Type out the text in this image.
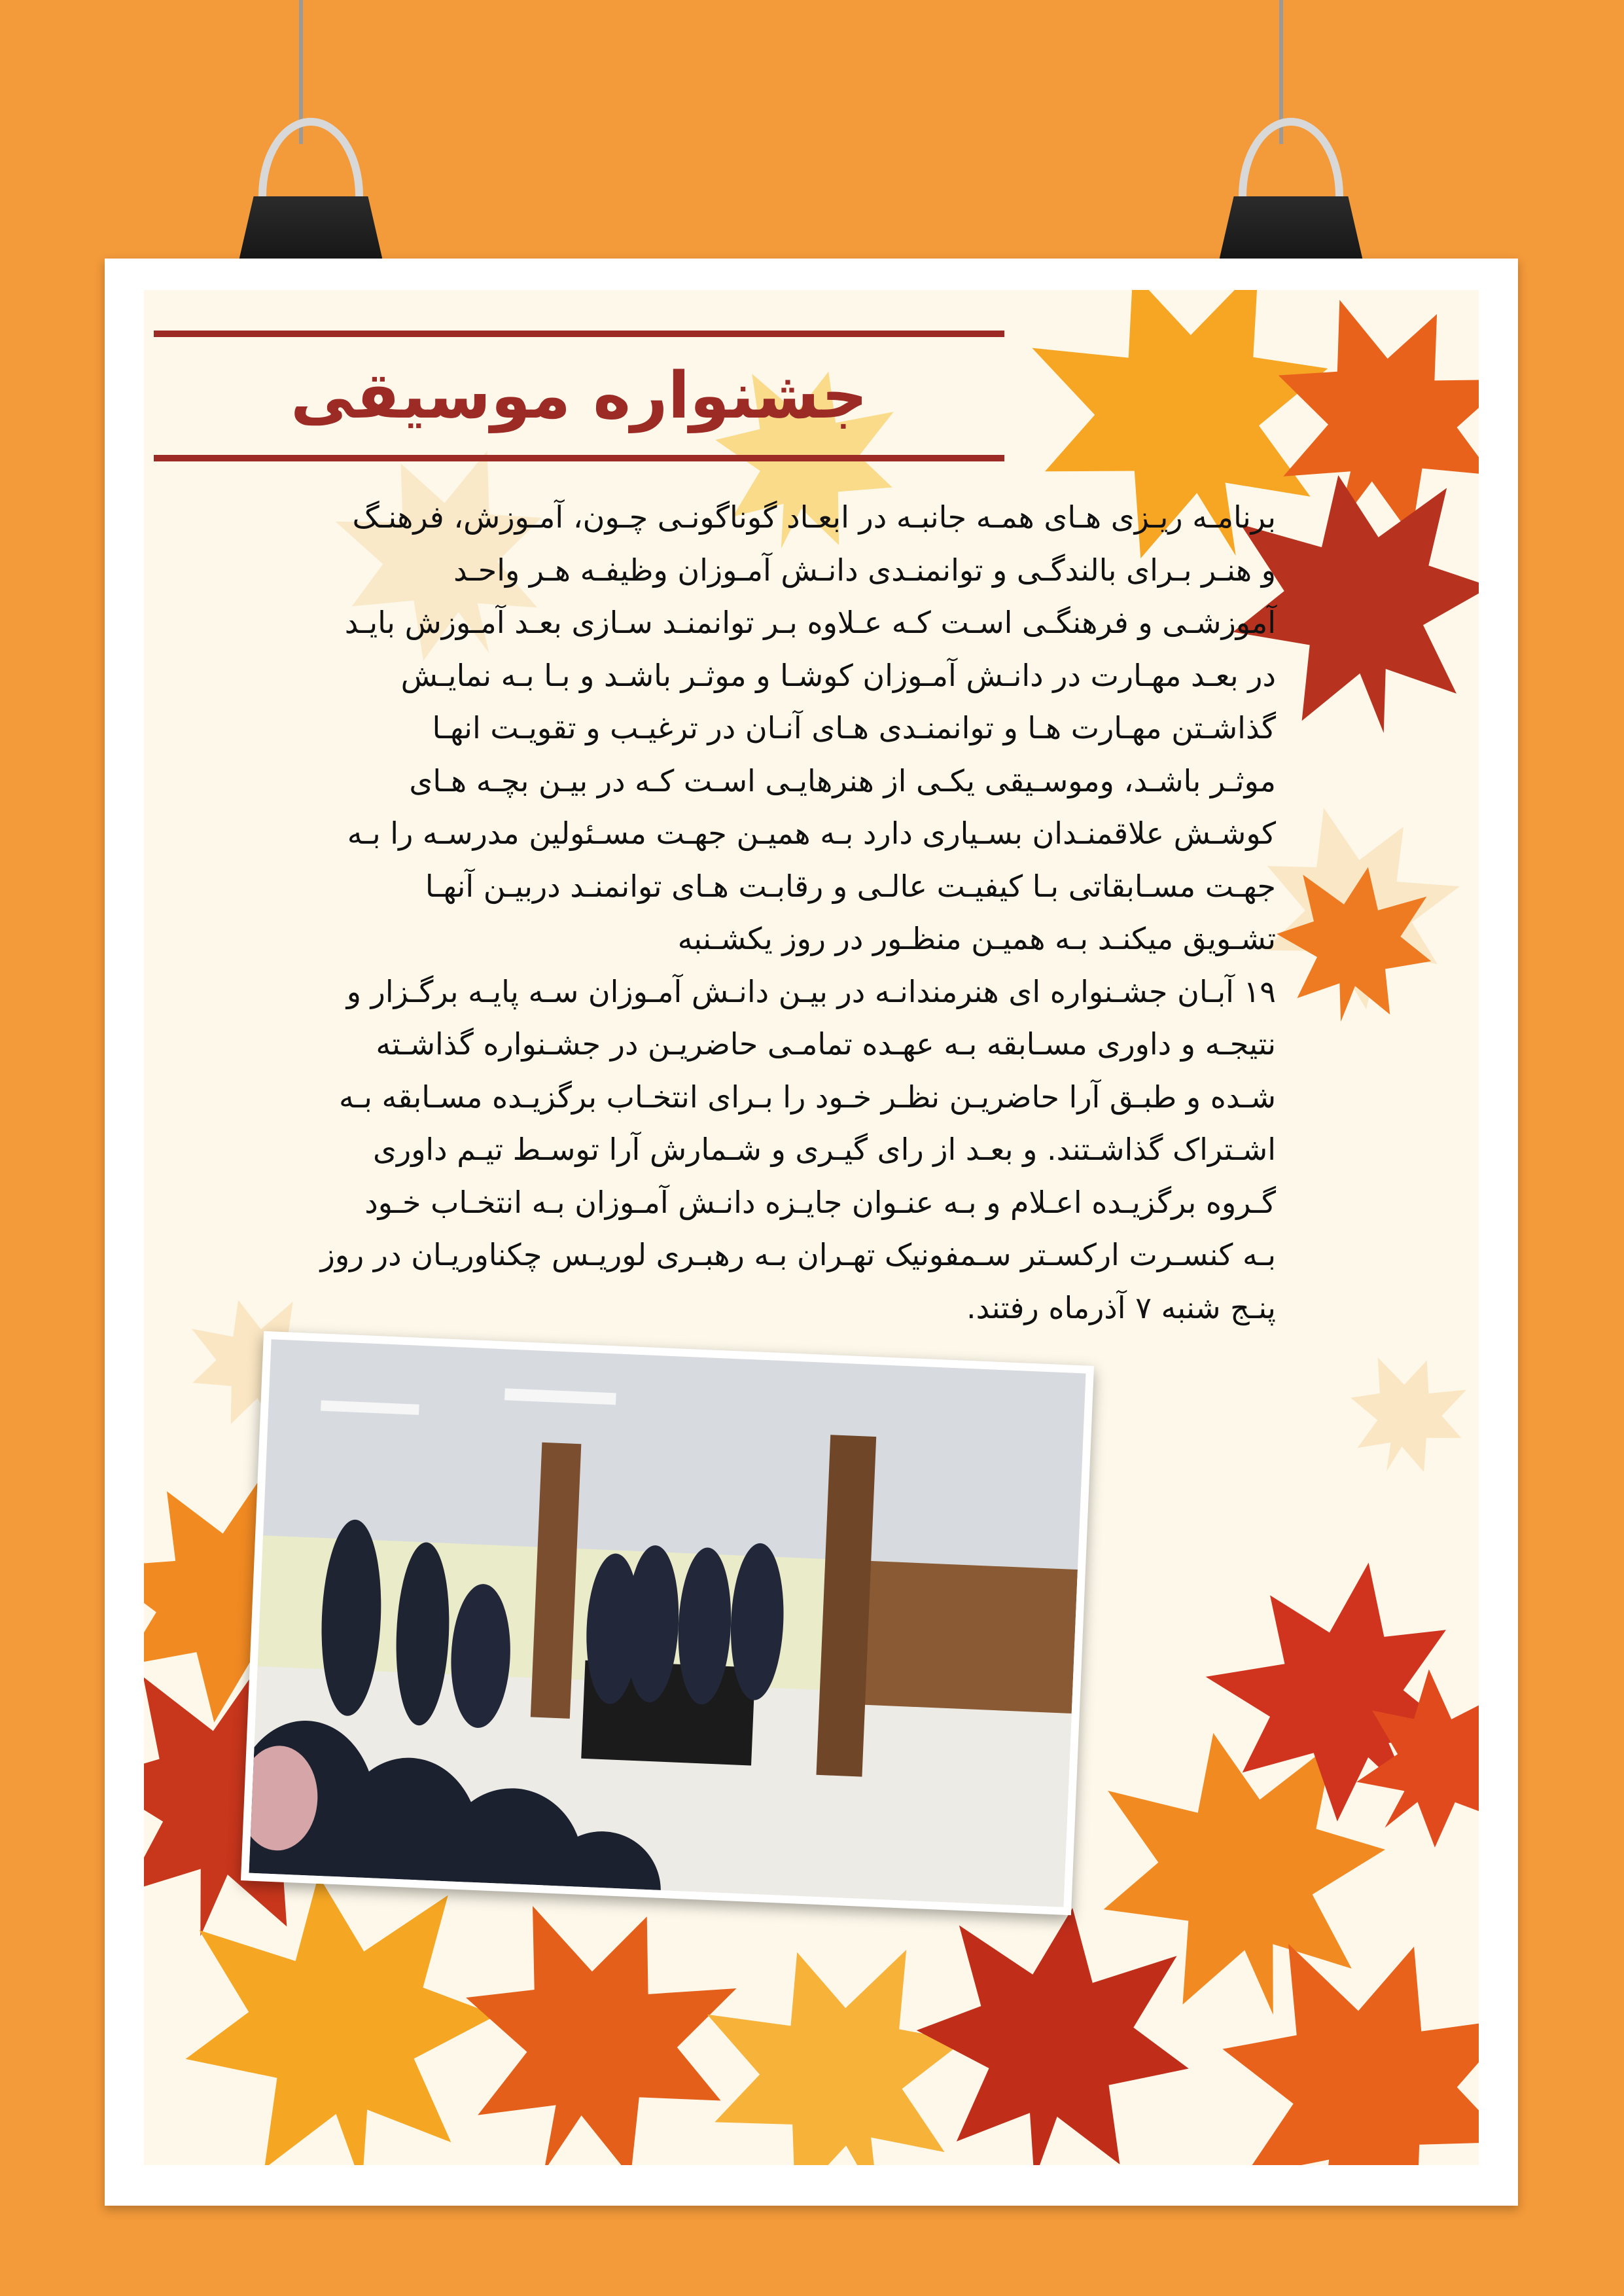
جشنواره موسیقی
برنامـه ریـزی هـای همـه جانبـه در ابعـاد گوناگونـی چـون، آمـوزش، فرهنـگ
و هنـر بـرای بالندگـی و توانمنـدی دانـش آمـوزان وظیفـه هـر واحـد
آموزشـی و فرهنگـی اسـت کـه عـلاوه بـر توانمنـد سـازی بعـد آمـوزش بایـد
در بعـد مهـارت در دانـش آمـوزان کوشـا و موثـر باشـد و بـا بـه نمایـش
گذاشـتن مهـارت هـا و توانمنـدی هـای آنـان در ترغیـب و تقویـت انهـا
موثـر باشـد، وموسـیقی یکـی از هنرهایـی اسـت کـه در بیـن بچـه هـای
کوشـش علاقمنـدان بسـیاری دارد بـه همیـن جهـت مسـئولین مدرسـه را بـه
جهـت مسـابقاتی بـا کیفیـت عالـی و رقابـت هـای توانمنـد دربیـن آنهـا
تشـویق میکنـد بـه همیـن منظـور در روز یکشـنبه
۱۹ آبـان جشـنواره ای هنرمندانـه در بیـن دانـش آمـوزان سـه پایـه برگـزار و
نتیجـه و داوری مسـابقه بـه عهـده تمامـی حاضریـن در جشـنواره گذاشـته
شـده و طبـق آرا حاضریـن نظـر خـود را بـرای انتخـاب برگزیـده مسـابقه بـه
اشـتراک گذاشـتند. و بعـد از رای گیـری و شـمارش آرا توسـط تیـم داوری
گـروه برگزیـده اعـلام و بـه عنـوان جایـزه دانـش آمـوزان بـه انتخـاب خـود
بـه کنسـرت ارکسـتر سـمفونیک تهـران بـه رهبـری لوریـس چکناوریـان در روز
پنـج شنبه ۷ آذرماه رفتند.
